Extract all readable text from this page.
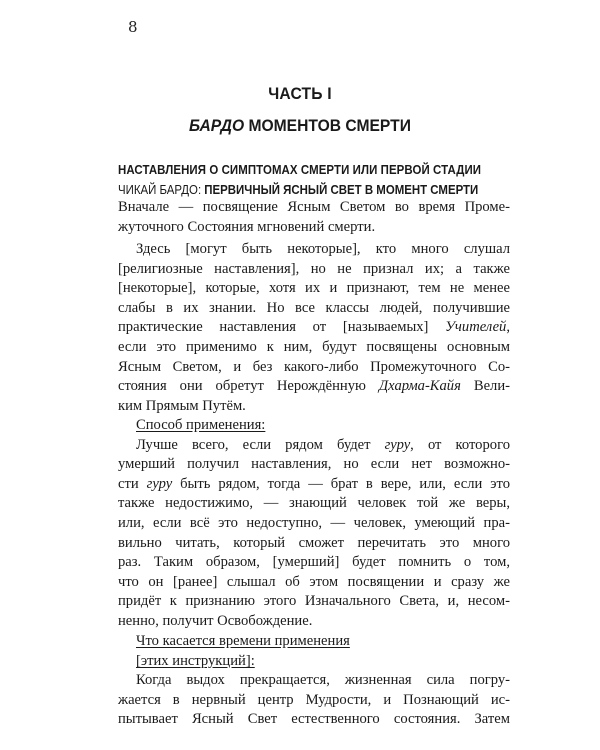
8
ЧАСТЬ I
БАРДО МОМЕНТОВ СМЕРТИ
НАСТАВЛЕНИЯ О СИМПТОМАХ СМЕРТИ ИЛИ ПЕРВОЙ СТАДИИ
ЧИКАЙ БАРДО: ПЕРВИЧНЫЙ ЯСНЫЙ СВЕТ В МОМЕНТ СМЕРТИ
Вначале — посвящение Ясным Светом во время Проме-
жуточного Состояния мгновений смерти.
Здесь [могут быть некоторые], кто много слушал
[религиозные наставления], но не признал их; а также
[некоторые], которые, хотя их и признают, тем не менее
слабы в их знании. Но все классы людей, получившие
практические наставления от [называемых] Учителей,
если это применимо к ним, будут посвящены основным
Ясным Светом, и без какого-либо Промежуточного Со-
стояния они обретут Нерождённую Дхарма-Кайя Вели-
ким Прямым Путём.
Способ применения:
Лучше всего, если рядом будет гуру, от которого
умерший получил наставления, но если нет возможно-
сти гуру быть рядом, тогда — брат в вере, или, если это
также недостижимо, — знающий человек той же веры,
или, если всё это недоступно, — человек, умеющий пра-
вильно читать, который сможет перечитать это много
раз. Таким образом, [умерший] будет помнить о том,
что он [ранее] слышал об этом посвящении и сразу же
придёт к признанию этого Изначального Света, и, несом-
ненно, получит Освобождение.
Что касается времени применения
[этих инструкций]:
Когда выдох прекращается, жизненная сила погру-
жается в нервный центр Мудрости, и Познающий ис-
пытывает Ясный Свет естественного состояния. Затем
